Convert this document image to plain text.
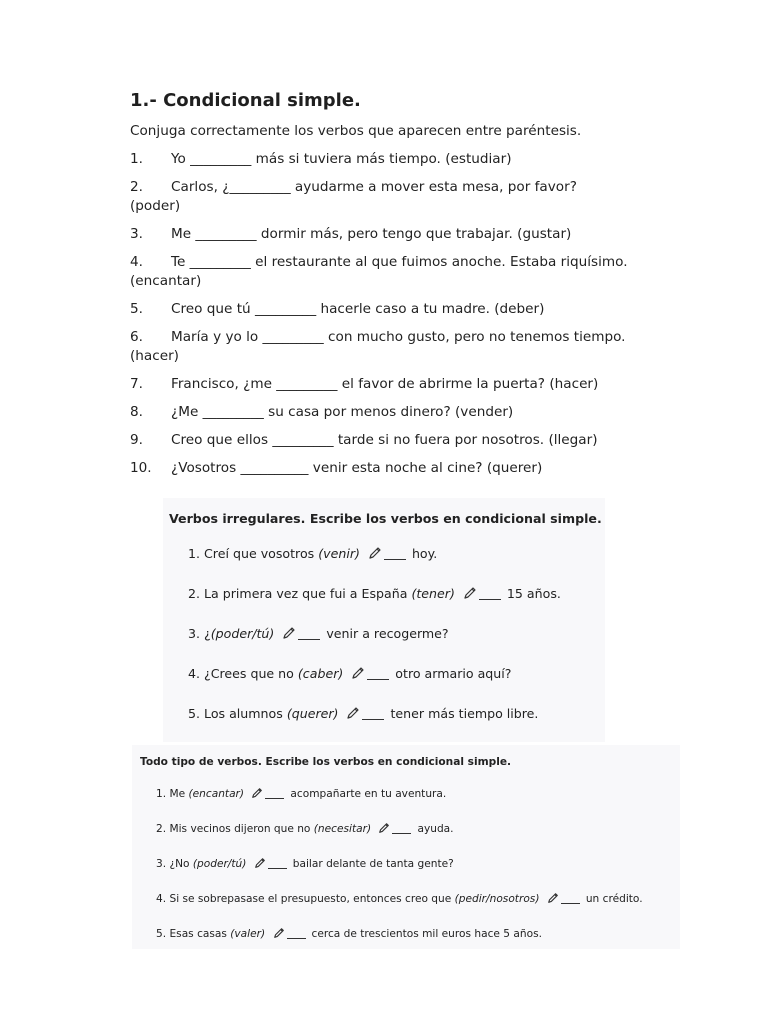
1.- Condicional simple.

Conjuga correctamente los verbos que aparecen entre paréntesis.

1. Yo _________ más si tuviera más tiempo. (estudiar)
2. Carlos, ¿_________ ayudarme a mover esta mesa, por favor? (poder)
3. Me _________ dormir más, pero tengo que trabajar. (gustar)
4. Te _________ el restaurante al que fuimos anoche. Estaba riquísimo.
(encantar)
5. Creo que tú _________ hacerle caso a tu madre. (deber)
6. María y yo lo _________ con mucho gusto, pero no tenemos tiempo.
(hacer)
7. Francisco, ¿me _________ el favor de abrirme la puerta? (hacer)
8. ¿Me _________ su casa por menos dinero? (vender)
9. Creo que ellos _________ tarde si no fuera por nosotros. (llegar)
10. ¿Vosotros __________ venir esta noche al cine? (querer)

Verbos irregulares. Escribe los verbos en condicional simple.

1. Creí que vosotros (venir)	hoy.
2. La primera vez que fui a España (tener)	15 años.
3. ¿(poder/tú)	venir a recogerme?
4. ¿Crees que no (caber)	otro armario aquí?
5. Los alumnos (querer)	tener más tiempo libre.

Todo tipo de verbos. Escribe los verbos en condicional simple.

1. Me (encantar)	acompañarte en tu aventura.
2. Mis vecinos dijeron que no (necesitar)	ayuda.
3. ¿No (poder/tú)	bailar delante de tanta gente?
4. Si se sobrepasase el presupuesto, entonces creo que (pedir/nosotros)	un crédito.
5. Esas casas (valer)	cerca de trescientos mil euros hace 5 años.
